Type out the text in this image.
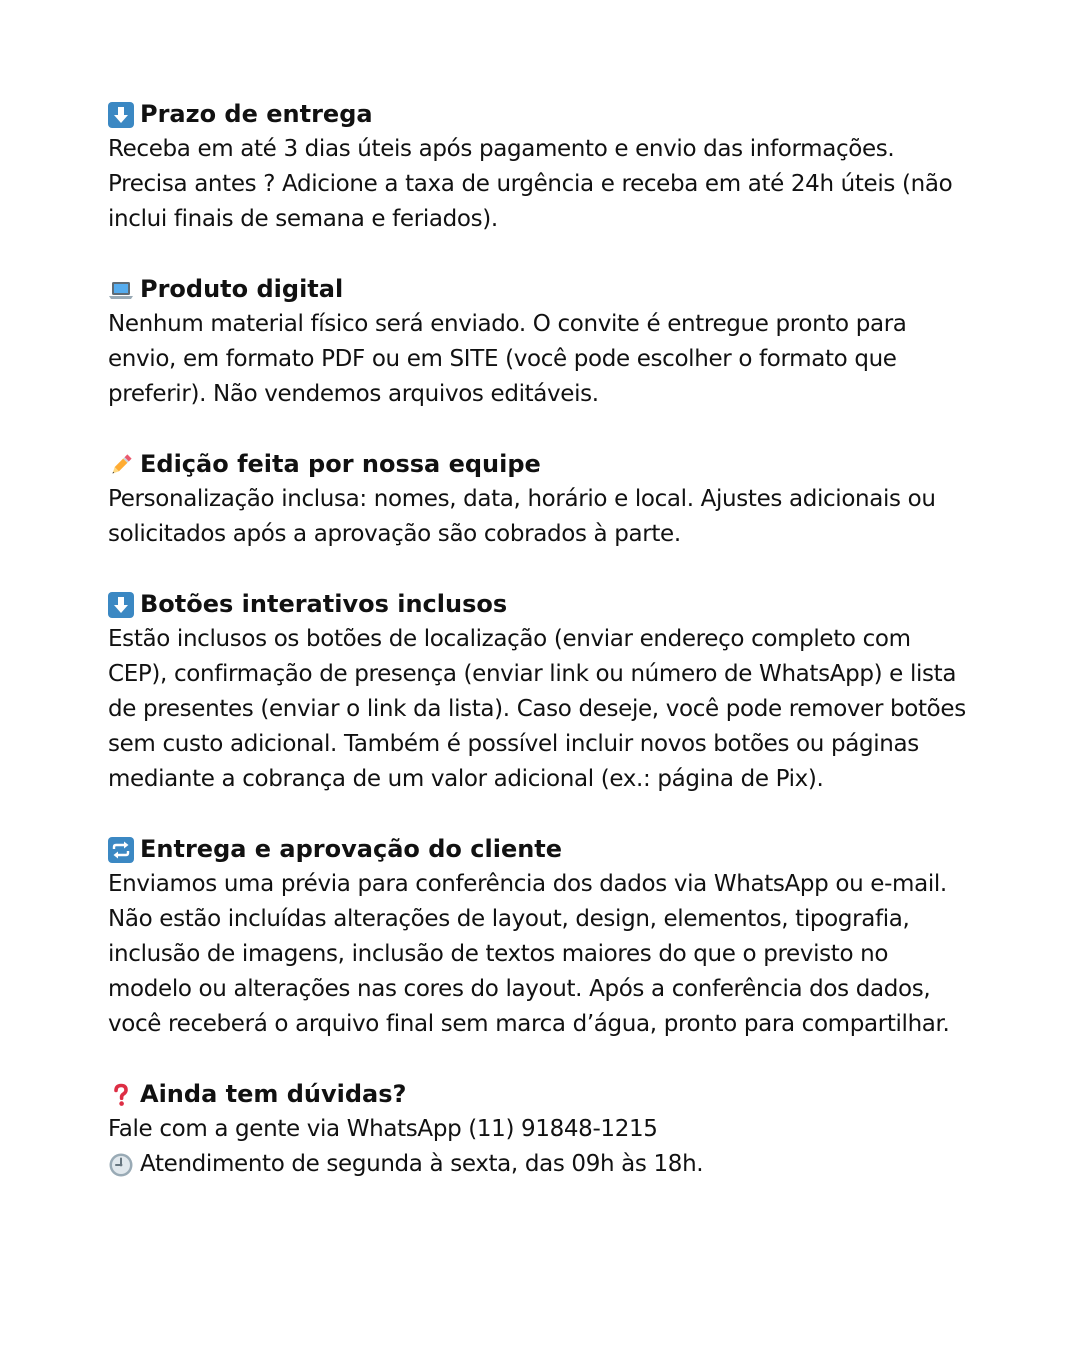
Prazo de entrega

Receba em até 3 dias úteis após pagamento e envio das informações. Precisa antes ? Adicione a taxa de urgência e receba em até 24h úteis (não inclui finais de semana e feriados).

Produto digital

Nenhum material físico será enviado. O convite é entregue pronto para envio, em formato PDF ou em SITE (você pode escolher o formato que preferir). Não vendemos arquivos editáveis.

Edição feita por nossa equipe

Personalização inclusa: nomes, data, horário e local. Ajustes adicionais ou solicitados após a aprovação são cobrados à parte.

Botões interativos inclusos

Estão inclusos os botões de localização (enviar endereço completo com CEP), confirmação de presença (enviar link ou número de WhatsApp) e lista de presentes (enviar o link da lista). Caso deseje, você pode remover botões sem custo adicional. Também é possível incluir novos botões ou páginas mediante a cobrança de um valor adicional (ex.: página de Pix).

Entrega e aprovação do cliente

Enviamos uma prévia para conferência dos dados via WhatsApp ou e-mail. Não estão incluídas alterações de layout, design, elementos, tipografia, inclusão de imagens, inclusão de textos maiores do que o previsto no modelo ou alterações nas cores do layout. Após a conferência dos dados, você receberá o arquivo final sem marca d’água, pronto para compartilhar.

Ainda tem dúvidas?

Fale com a gente via WhatsApp (11) 91848-1215

Atendimento de segunda à sexta, das 09h às 18h.
